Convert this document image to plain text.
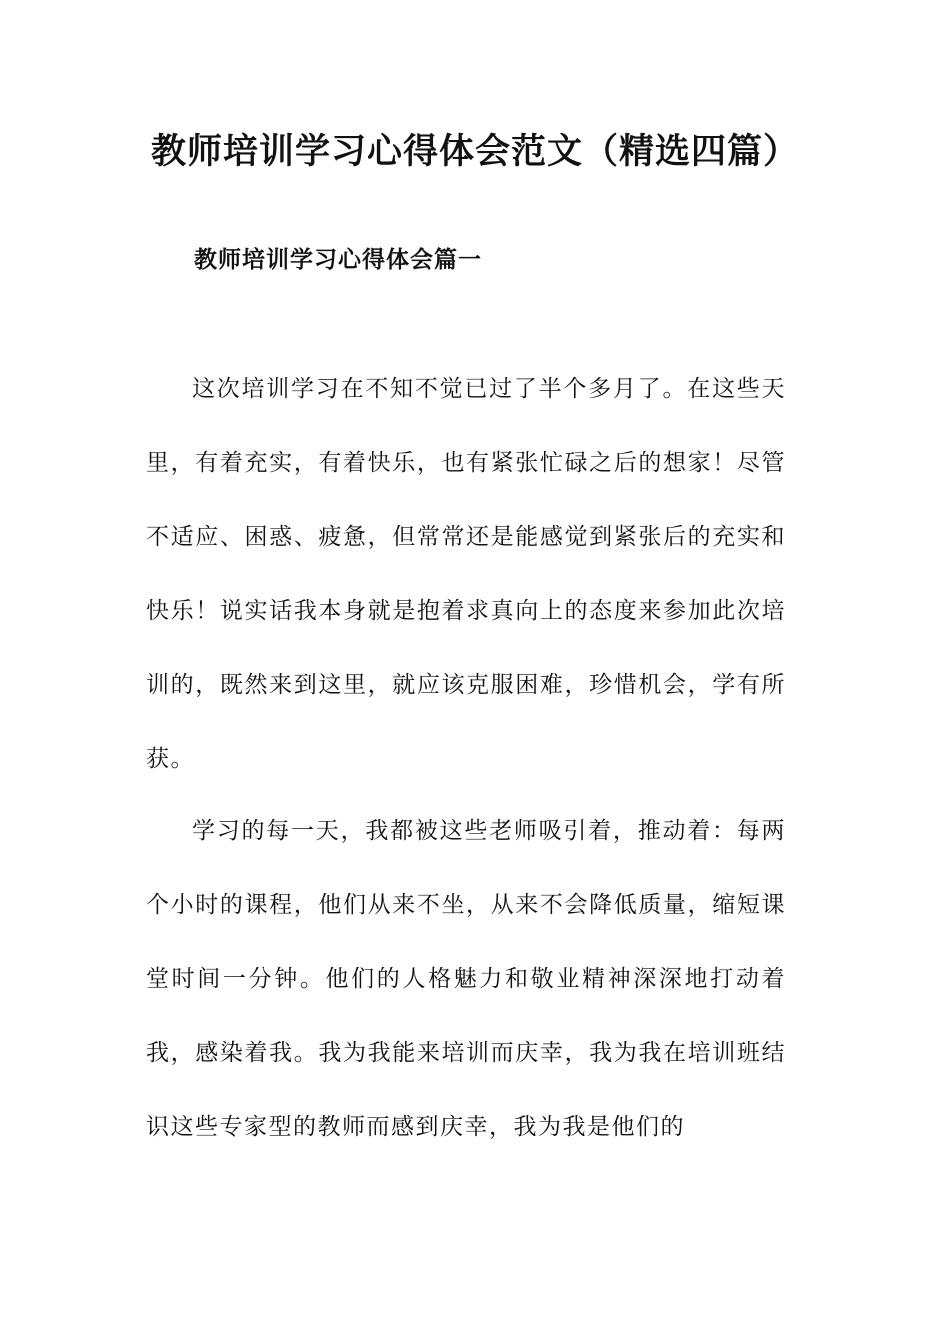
教师培训学习心得体会范文（精选四篇）
教师培训学习心得体会篇一

这次培训学习在不知不觉已过了半个多月了。在这些天里，有着充实，有着快乐，也有紧张忙碌之后的想家！尽管不适应、困惑、疲惫，但常常还是能感觉到紧张后的充实和快乐！说实话我本身就是抱着求真向上的态度来参加此次培训的，既然来到这里，就应该克服困难，珍惜机会，学有所获。

学习的每一天，我都被这些老师吸引着，推动着：每两个小时的课程，他们从来不坐，从来不会降低质量，缩短课堂时间一分钟。他们的人格魅力和敬业精神深深地打动着我，感染着我。我为我能来培训而庆幸，我为我在培训班结识这些专家型的教师而感到庆幸，我为我是他们的
